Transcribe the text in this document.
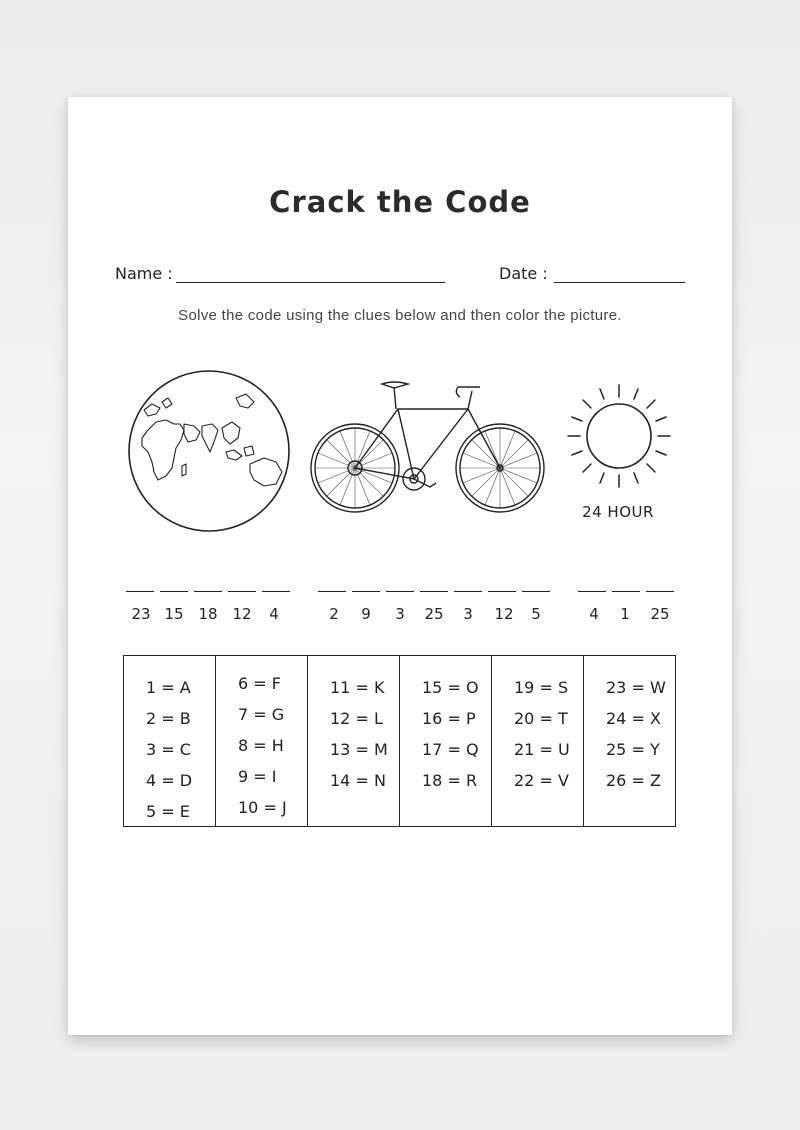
Crack the Code
Name :	Date :
Solve the code using the clues below and then color the picture.
24 HOUR
23 15 18 12	4	2	9	3	25	3	12	5	4	1	25
1 = A
2 = B
3 = C
4 = D
5 = E
6 = F
7 = G
8 = H
9 = I
10 = J
11 = K
12 = L
13 = M
14 = N
15 = O
16 = P
17 = Q
18 = R
19 = S
20 = T
21 = U
22 = V
23 = W
24 = X
25 = Y
26 = Z
